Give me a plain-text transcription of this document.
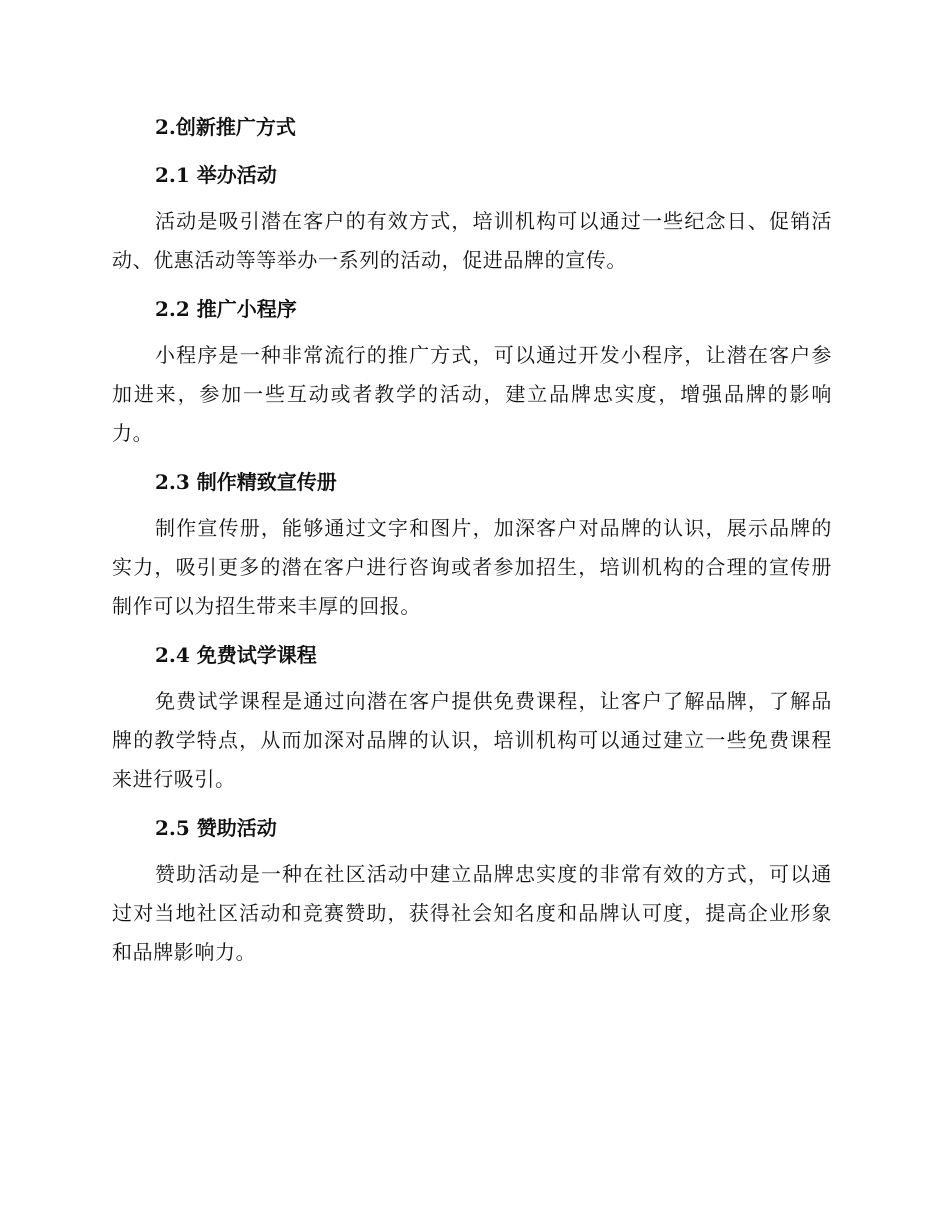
2.创新推广方式

2.1 举办活动

活动是吸引潜在客户的有效方式，培训机构可以通过一些纪念日、促销活动、优惠活动等等举办一系列的活动，促进品牌的宣传。

2.2 推广小程序

小程序是一种非常流行的推广方式，可以通过开发小程序，让潜在客户参加进来，参加一些互动或者教学的活动，建立品牌忠实度，增强品牌的影响力。

2.3 制作精致宣传册

制作宣传册，能够通过文字和图片，加深客户对品牌的认识，展示品牌的实力，吸引更多的潜在客户进行咨询或者参加招生，培训机构的合理的宣传册制作可以为招生带来丰厚的回报。

2.4 免费试学课程

免费试学课程是通过向潜在客户提供免费课程，让客户了解品牌，了解品牌的教学特点，从而加深对品牌的认识，培训机构可以通过建立一些免费课程来进行吸引。

2.5 赞助活动

赞助活动是一种在社区活动中建立品牌忠实度的非常有效的方式，可以通过对当地社区活动和竞赛赞助，获得社会知名度和品牌认可度，提高企业形象和品牌影响力。
